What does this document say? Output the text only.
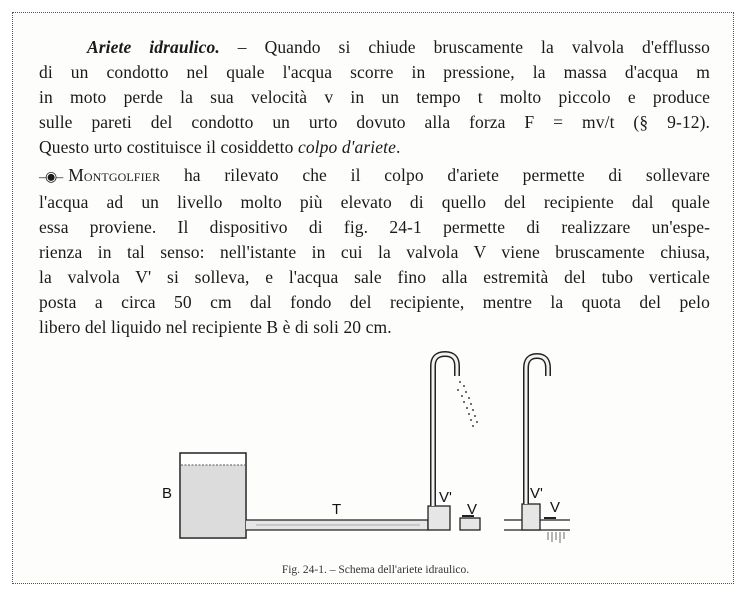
Ariete idraulico. – Quando si chiude bruscamente la valvola d'efflusso
di un condotto nel quale l'acqua scorre in pressione, la massa d'acqua m
in moto perde la sua velocità v in un tempo t molto piccolo e produce
sulle pareti del condotto un urto dovuto alla forza F = mv/t (§ 9-12).
Questo urto costituisce il cosiddetto colpo d'ariete.
–◉– Montgolfier ha rilevato che il colpo d'ariete permette di sollevare
l'acqua ad un livello molto più elevato di quello del recipiente dal quale
essa proviene. Il dispositivo di fig. 24-1 permette di realizzare un'espe-
rienza in tal senso: nell'istante in cui la valvola V viene bruscamente chiusa,
la valvola V' si solleva, e l'acqua sale fino alla estremità del tubo verticale
posta a circa 50 cm dal fondo del recipiente, mentre la quota del pelo
libero del liquido nel recipiente B è di soli 20 cm.
B
T
V'
V
V'
V
Fig. 24-1. – Schema dell'ariete idraulico.
